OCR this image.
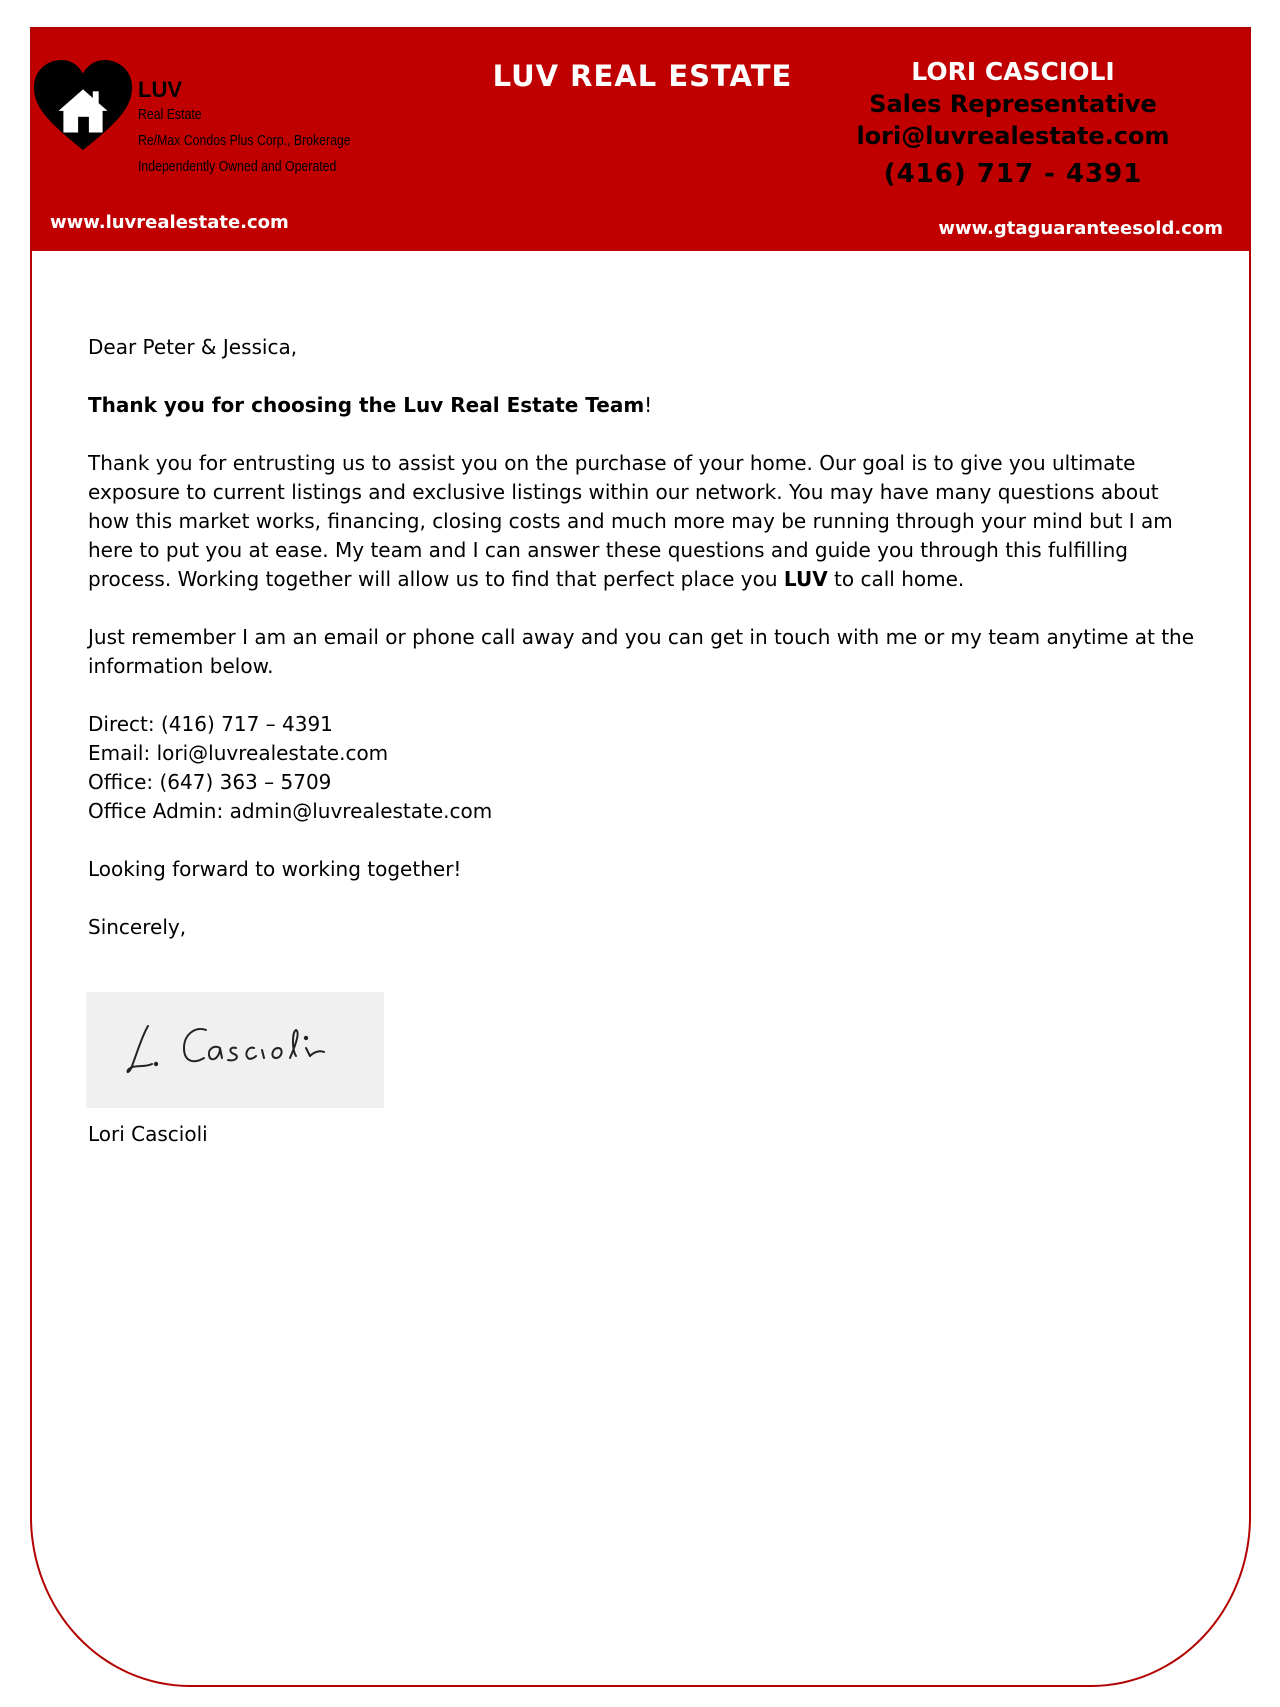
LUV
Real Estate
Re/Max Condos Plus Corp., Brokerage
Independently Owned and Operated
LUV REAL ESTATE	LORI CASCIOLI
Sales Representative
lori@luvrealestate.com
(416) 717 - 4391
www.luvrealestate.com	www.gtaguaranteesold.com

Dear Peter & Jessica,

Thank you for choosing the Luv Real Estate Team!

Thank you for entrusting us to assist you on the purchase of your home. Our goal is to give you ultimate exposure to current listings and exclusive listings within our network. You may have many questions about how this market works, financing, closing costs and much more may be running through your mind but I am here to put you at ease. My team and I can answer these questions and guide you through this fulfilling process. Working together will allow us to find that perfect place you LUV to call home.

Just remember I am an email or phone call away and you can get in touch with me or my team anytime at the information below.

Direct: (416) 717 – 4391

Email: lori@luvrealestate.com

Office: (647) 363 – 5709

Office Admin: admin@luvrealestate.com

Looking forward to working together!

Sincerely,

Lori Cascioli
